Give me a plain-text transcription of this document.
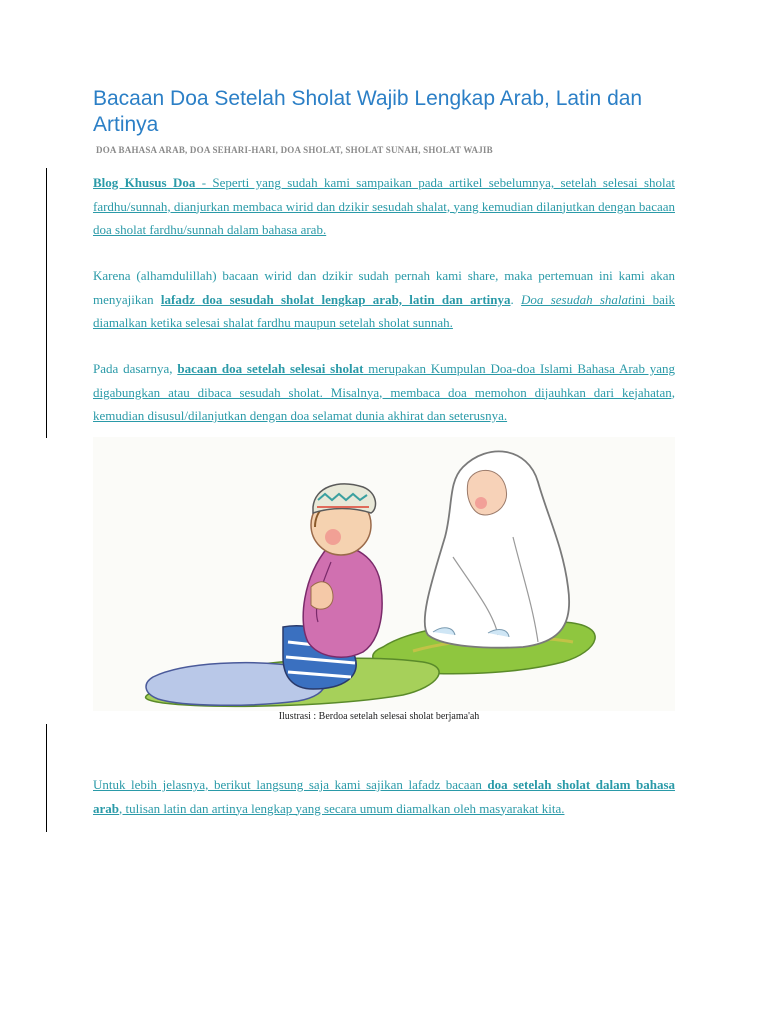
Bacaan Doa Setelah Sholat Wajib Lengkap Arab, Latin dan Artinya
DOA BAHASA ARAB, DOA SEHARI-HARI, DOA SHOLAT, SHOLAT SUNAH, SHOLAT WAJIB
Blog Khusus Doa - Seperti yang sudah kami sampaikan pada artikel sebelumnya, setelah selesai sholat fardhu/sunnah, dianjurkan membaca wirid dan dzikir sesudah shalat, yang kemudian dilanjutkan dengan bacaan doa sholat fardhu/sunnah dalam bahasa arab.
Karena (alhamdulillah) bacaan wirid dan dzikir sudah pernah kami share, maka pertemuan ini kami akan menyajikan lafadz doa sesudah sholat lengkap arab, latin dan artinya. Doa sesudah shalatini baik diamalkan ketika selesai shalat fardhu maupun setelah sholat sunnah.
Pada dasarnya, bacaan doa setelah selesai sholat merupakan Kumpulan Doa-doa Islami Bahasa Arab yang digabungkan atau dibaca sesudah sholat. Misalnya, membaca doa memohon dijauhkan dari kejahatan, kemudian disusul/dilanjutkan dengan doa selamat dunia akhirat dan seterusnya.
Ilustrasi : Berdoa setelah selesai sholat berjama'ah
Untuk lebih jelasnya, berikut langsung saja kami sajikan lafadz bacaan doa setelah sholat dalam bahasa arab, tulisan latin dan artinya lengkap yang secara umum diamalkan oleh masyarakat kita.
